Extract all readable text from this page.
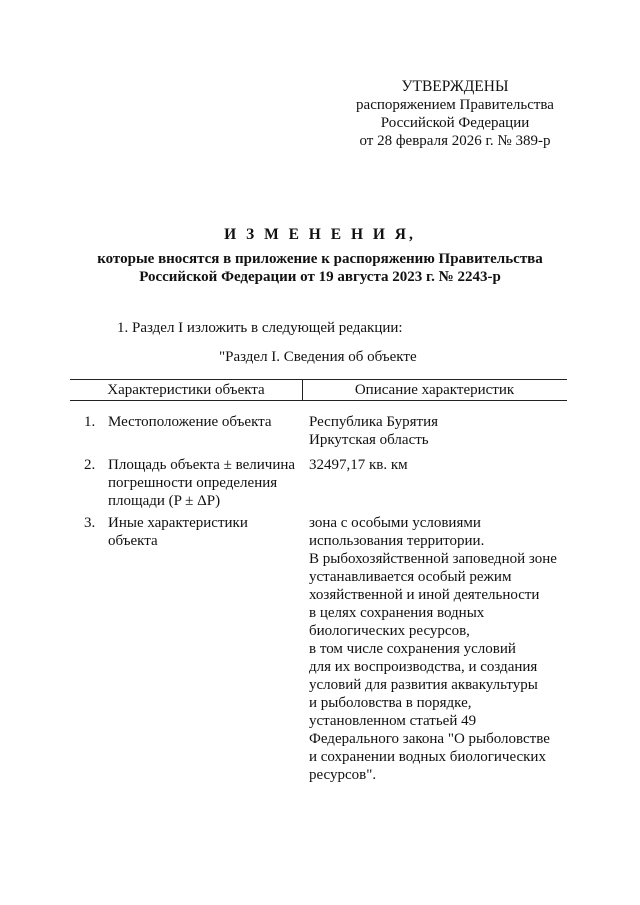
УТВЕРЖДЕНЫ
распоряжением Правительства
Российской Федерации
от 28 февраля 2026 г. № 389-р
И З М Е Н Е Н И Я,
которые вносятся в приложение к распоряжению Правительства
Российской Федерации от 19 августа 2023 г. № 2243-р
1. Раздел I изложить в следующей редакции:
"Раздел I. Сведения об объекте
Характеристики объекта	Описание характеристик
1. Местоположение объекта	Республика Бурятия
Иркутская область
2. Площадь объекта ± величина
погрешности определения
площади (P ± ΔP)
32497,17 кв. км
3. Иные характеристики
объекта
зона с особыми условиями
использования территории.
В рыбохозяйственной заповедной зоне
устанавливается особый режим
хозяйственной и иной деятельности
в целях сохранения водных
биологических ресурсов,
в том числе сохранения условий
для их воспроизводства, и создания
условий для развития аквакультуры
и рыболовства в порядке,
установленном статьей 49
Федерального закона "О рыболовстве
и сохранении водных биологических
ресурсов".
